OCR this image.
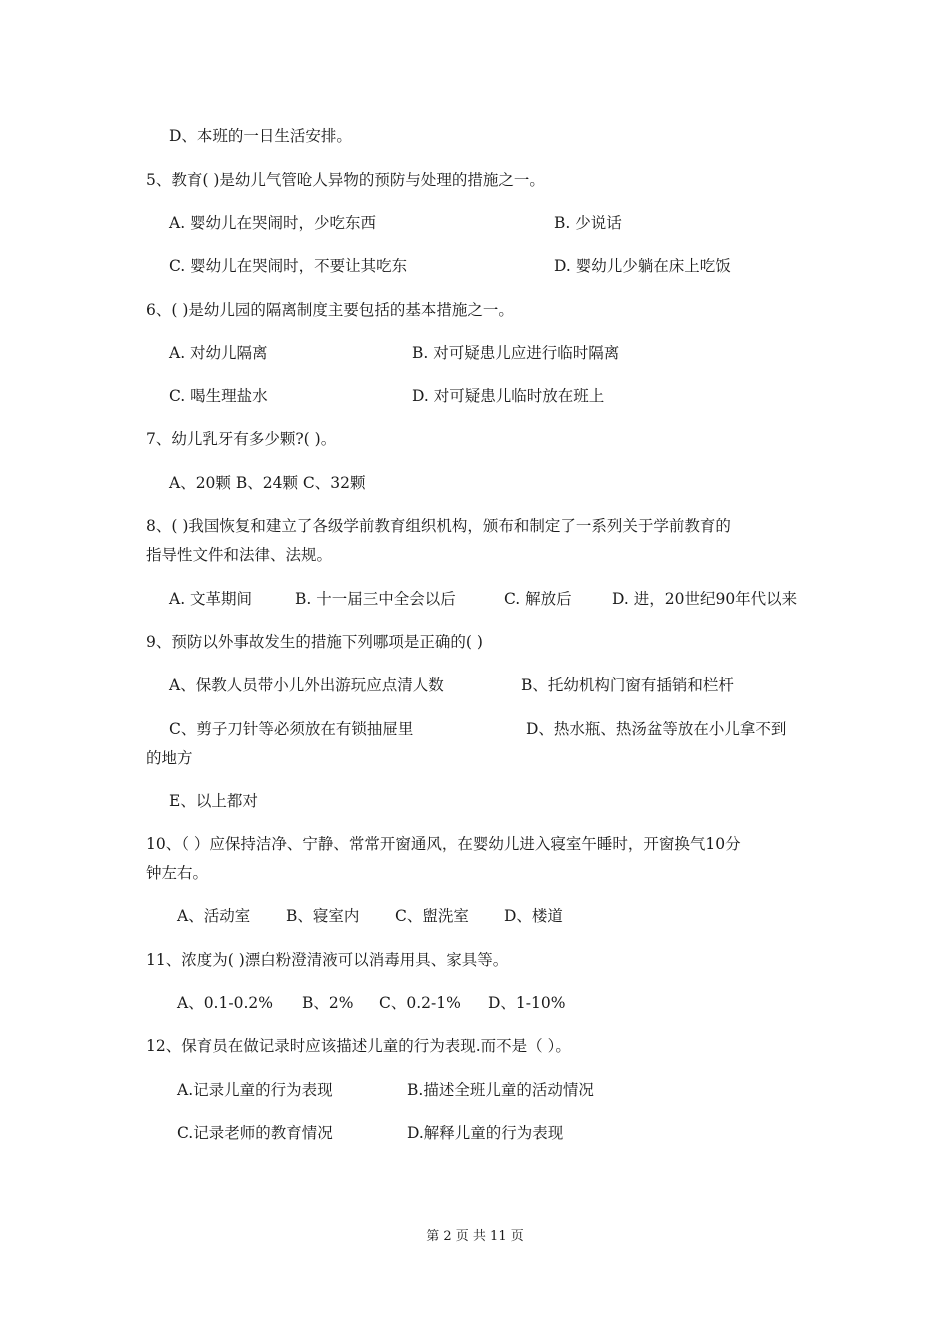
D、本班的一日生活安排。
5、教育( )是幼儿气管呛人异物的预防与处理的措施之一。
A. 婴幼儿在哭闹时，少吃东西	B. 少说话
C. 婴幼儿在哭闹时，不要让其吃东	D. 婴幼儿少躺在床上吃饭
6、( )是幼儿园的隔离制度主要包括的基本措施之一。
A. 对幼儿隔离	B. 对可疑患儿应进行临时隔离
C. 喝生理盐水	D. 对可疑患儿临时放在班上
7、幼儿乳牙有多少颗?( )。
A、20颗 B、24颗 C、32颗
8、( )我国恢复和建立了各级学前教育组织机构，颁布和制定了一系列关于学前教育的
指导性文件和法律、法规。
A. 文革期间	B. 十一届三中全会以后	C. 解放后	D. 进，20世纪90年代以来
9、预防以外事故发生的措施下列哪项是正确的( )
A、保教人员带小儿外出游玩应点清人数	B、托幼机构门窗有插销和栏杆
C、剪子刀针等必须放在有锁抽屉里	D、热水瓶、热汤盆等放在小儿拿不到
的地方
E、以上都对
10、（ ）应保持洁净、宁静、常常开窗通风，在婴幼儿进入寝室午睡时，开窗换气10分
钟左右。
A、活动室 B、寝室内 C、盥洗室 D、楼道
11、浓度为( )漂白粉澄清液可以消毒用具、家具等。
A、0.1-0.2% B、2% C、0.2-1% D、1-10%
12、保育员在做记录时应该描述儿童的行为表现.而不是（ ）。
A.记录儿童的行为表现	B.描述全班儿童的活动情况
C.记录老师的教育情况	D.解释儿童的行为表现
第 2 页 共 11 页
